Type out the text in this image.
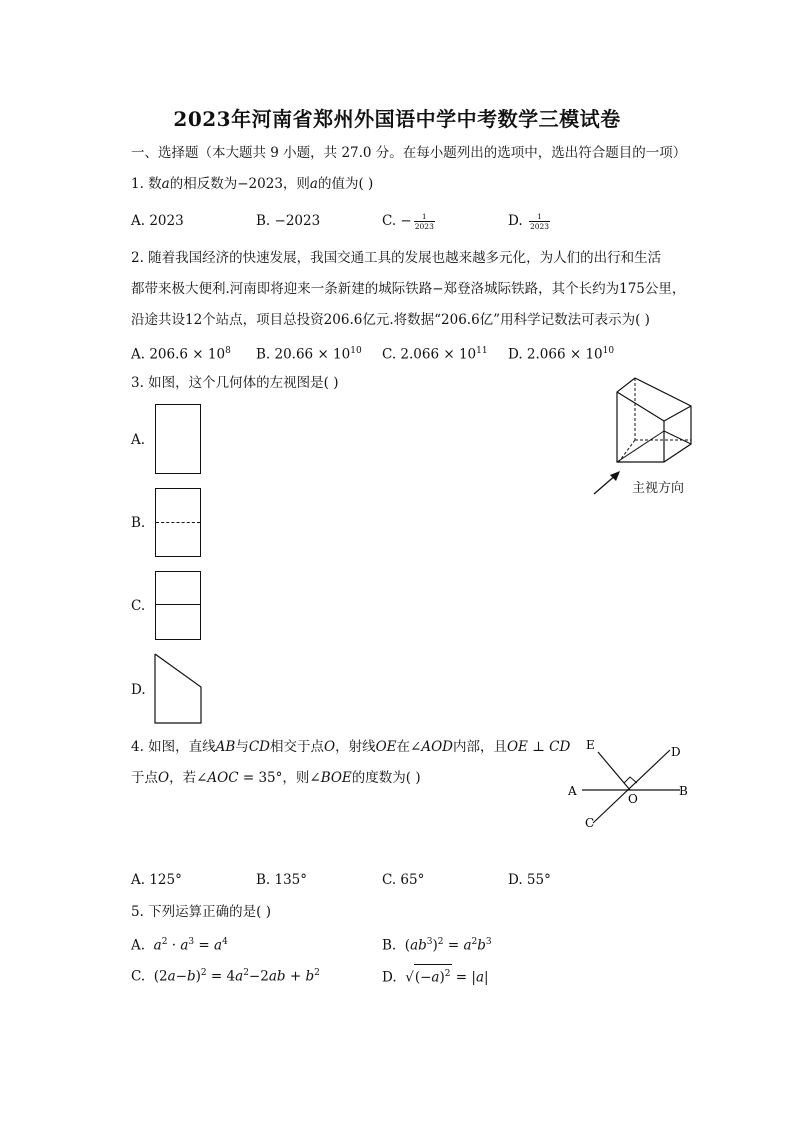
2023年河南省郑州外国语中学中考数学三模试卷
一、选择题（本大题共 9 小题，共 27.0 分。在每小题列出的选项中，选出符合题目的一项）
1. 数a的相反数为−2023，则a的值为( )
A. 2023	B. −2023	C. − $\frac{1}{2023}$	D. $\frac{1}{2023}$
2. 随着我国经济的快速发展，我国交通工具的发展也越来越多元化，为人们的出行和生活
都带来极大便利.河南即将迎来一条新建的城际铁路−郑登洛城际铁路，其个长约为175公里，
沿途共设12个站点，项目总投资206.6亿元.将数据“206.6亿”用科学记数法可表示为( )
A. $206.6 \times 10^8$ B. $20.66 \times 10^{10}$ C. $2.066 \times 10^{11}$ D. $2.066 \times 10^{10}$
3. 如图，这个几何体的左视图是( )
A.
B.
C.
D.
主视方向
4. 如图，直线AB与CD相交于点O，射线OE在∠AOD内部，且OE ⊥ CD
于点O，若∠AOC = 35°，则∠BOE的度数为( )
E	D
A
O
B
C
A. 125°	B. 135°	C. 65°	D. 55°
5. 下列运算正确的是( )
A. $a^2 \cdot a^3 = a^4$	B.  $(ab^3)^2 = a^2b^3$
C.  $(2a-b)^2 = 4a^2-2ab + b^2$	D.  $√(-a)^2 = |a|$
